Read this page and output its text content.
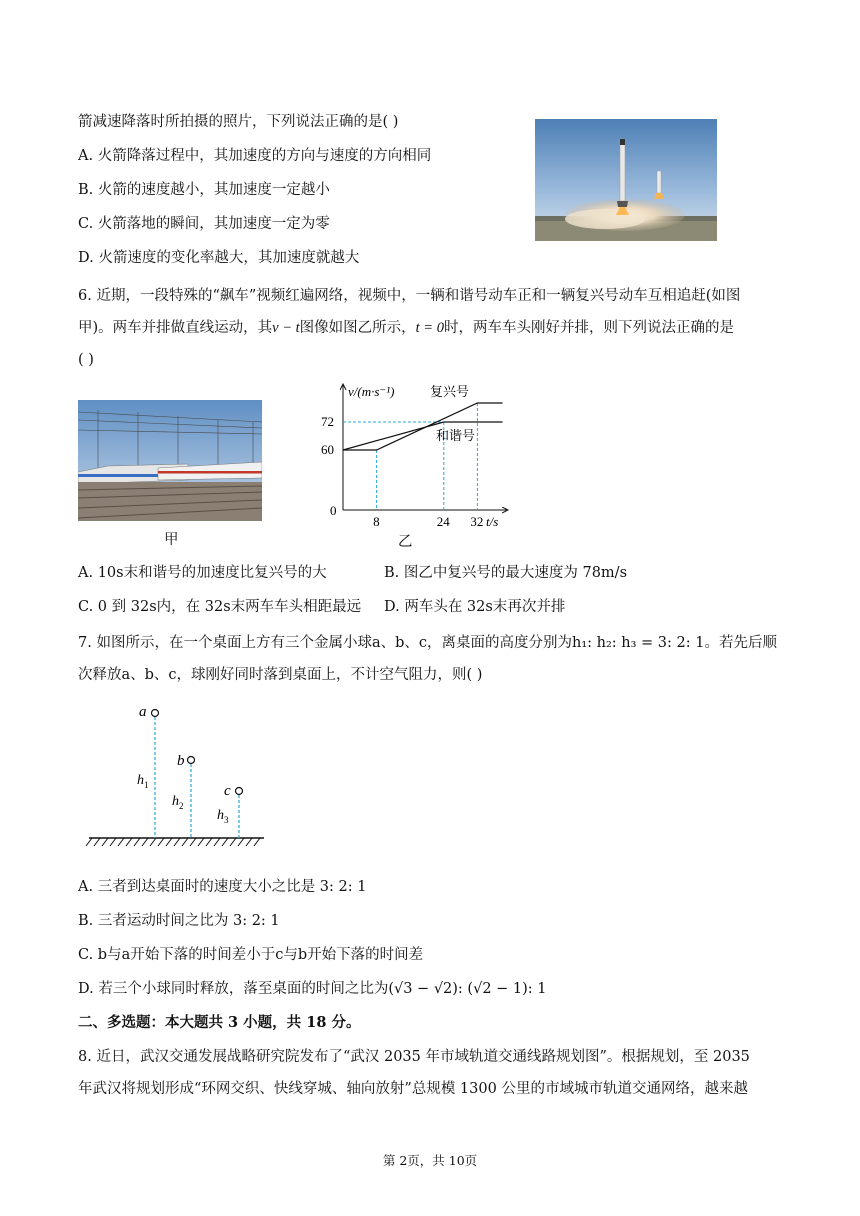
箭减速降落时所拍摄的照片，下列说法正确的是( )
A. 火箭降落过程中，其加速度的方向与速度的方向相同
B. 火箭的速度越小，其加速度一定越小
C. 火箭落地的瞬间，其加速度一定为零
D. 火箭速度的变化率越大，其加速度就越大
6. 近期，一段特殊的“飙车”视频红遍网络，视频中，一辆和谐号动车正和一辆复兴号动车互相追赶(如图
甲)。两车并排做直线运动，其v − t图像如图乙所示，t = 0时，两车车头刚好并排，则下列说法正确的是
( )
甲
8	24 32
60
72
v/(m·s⁻¹)
t/s
0
复兴号
和谐号
乙
A. 10s末和谐号的加速度比复兴号的大	B. 图乙中复兴号的最大速度为 78m/s
C. 0 到 32s内，在 32s末两车车头相距最远 D. 两车头在 32s末再次并排
7. 如图所示，在一个桌面上方有三个金属小球a、b、c，离桌面的高度分别为h₁: h₂: h₃ = 3: 2: 1。若先后顺
次释放a、b、c，球刚好同时落到桌面上，不计空气阻力，则( )
a
b
c
$h_1$
$h_2$
$h_3$
A. 三者到达桌面时的速度大小之比是 3: 2: 1
B. 三者运动时间之比为 3: 2: 1
C. b与a开始下落的时间差小于c与b开始下落的时间差
D. 若三个小球同时释放，落至桌面的时间之比为(√3 − √2): (√2 − 1): 1
二、多选题：本大题共 3 小题，共 18 分。
8. 近日，武汉交通发展战略研究院发布了“武汉 2035 年市域轨道交通线路规划图”。根据规划，至 2035
年武汉将规划形成“环网交织、快线穿城、轴向放射”总规模 1300 公里的市域城市轨道交通网络，越来越
第 2页，共 10页
